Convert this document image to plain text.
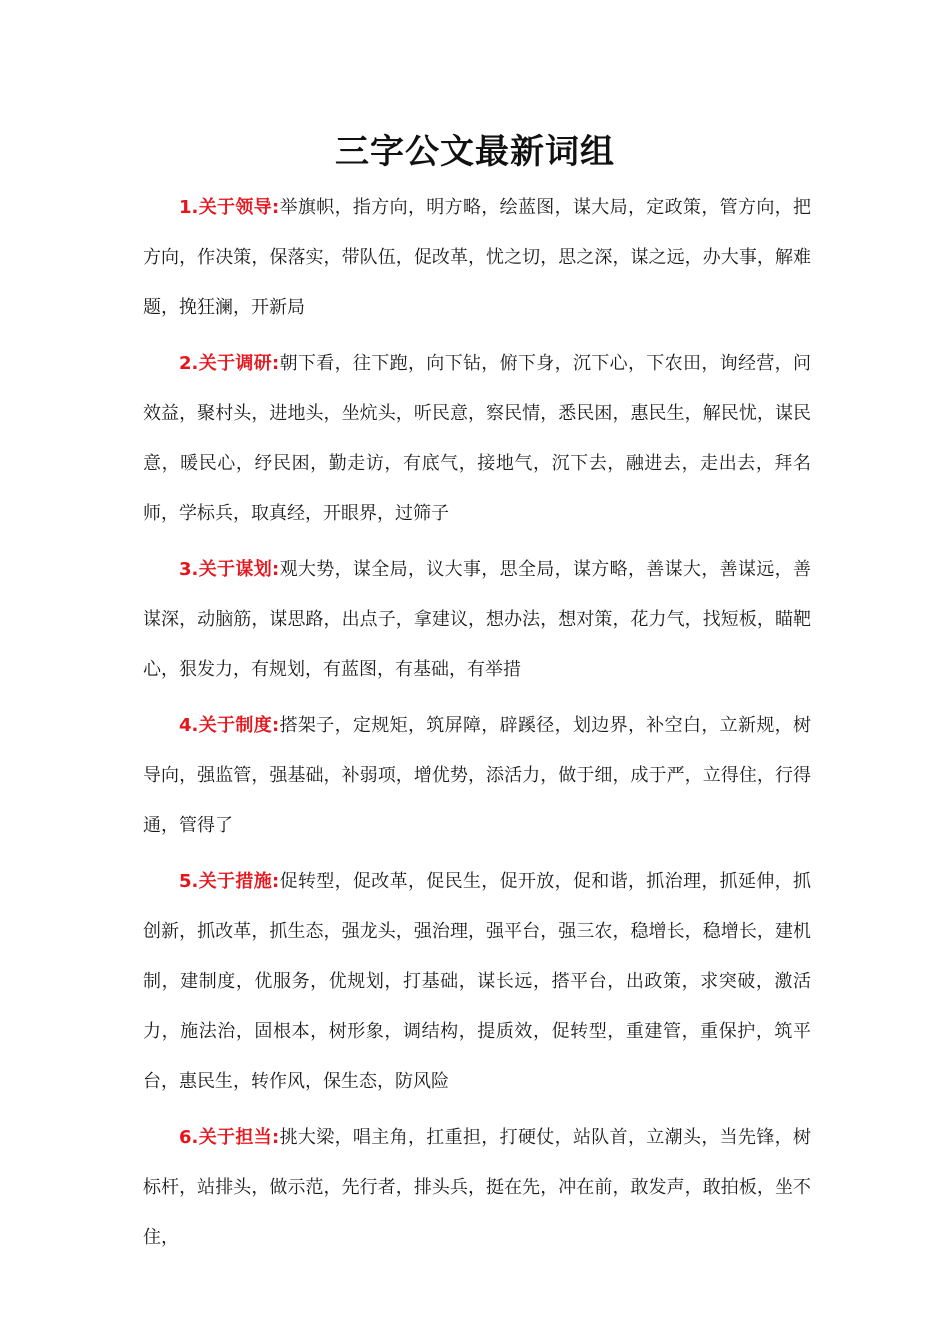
三字公文最新词组

1.关于领导:举旗帜，指方向，明方略，绘蓝图，谋大局，定政策，管方向，把方向，作决策，保落实，带队伍，促改革，忧之切，思之深，谋之远，办大事，解难题，挽狂澜，开新局

2.关于调研:朝下看，往下跑，向下钻，俯下身，沉下心，下农田，询经营，问效益，聚村头，进地头，坐炕头，听民意，察民情，悉民困，惠民生，解民忧，谋民意，暖民心，纾民困，勤走访，有底气，接地气，沉下去，融进去，走出去，拜名师，学标兵，取真经，开眼界，过筛子

3.关于谋划:观大势，谋全局，议大事，思全局，谋方略，善谋大，善谋远，善谋深，动脑筋，谋思路，出点子，拿建议，想办法，想对策，花力气，找短板，瞄靶心，狠发力，有规划，有蓝图，有基础，有举措

4.关于制度:搭架子，定规矩，筑屏障，辟蹊径，划边界，补空白，立新规，树导向，强监管，强基础，补弱项，增优势，添活力，做于细，成于严，立得住，行得通，管得了

5.关于措施:促转型，促改革，促民生，促开放，促和谐，抓治理，抓延伸，抓创新，抓改革，抓生态，强龙头，强治理，强平台，强三农，稳增长，稳增长，建机制，建制度，优服务，优规划，打基础，谋长远，搭平台，出政策，求突破，激活力，施法治，固根本，树形象，调结构，提质效，促转型，重建管，重保护，筑平台，惠民生，转作风，保生态，防风险

6.关于担当:挑大梁，唱主角，扛重担，打硬仗，站队首，立潮头，当先锋，树标杆，站排头，做示范，先行者，排头兵，挺在先，冲在前，敢发声，敢拍板，坐不住，
